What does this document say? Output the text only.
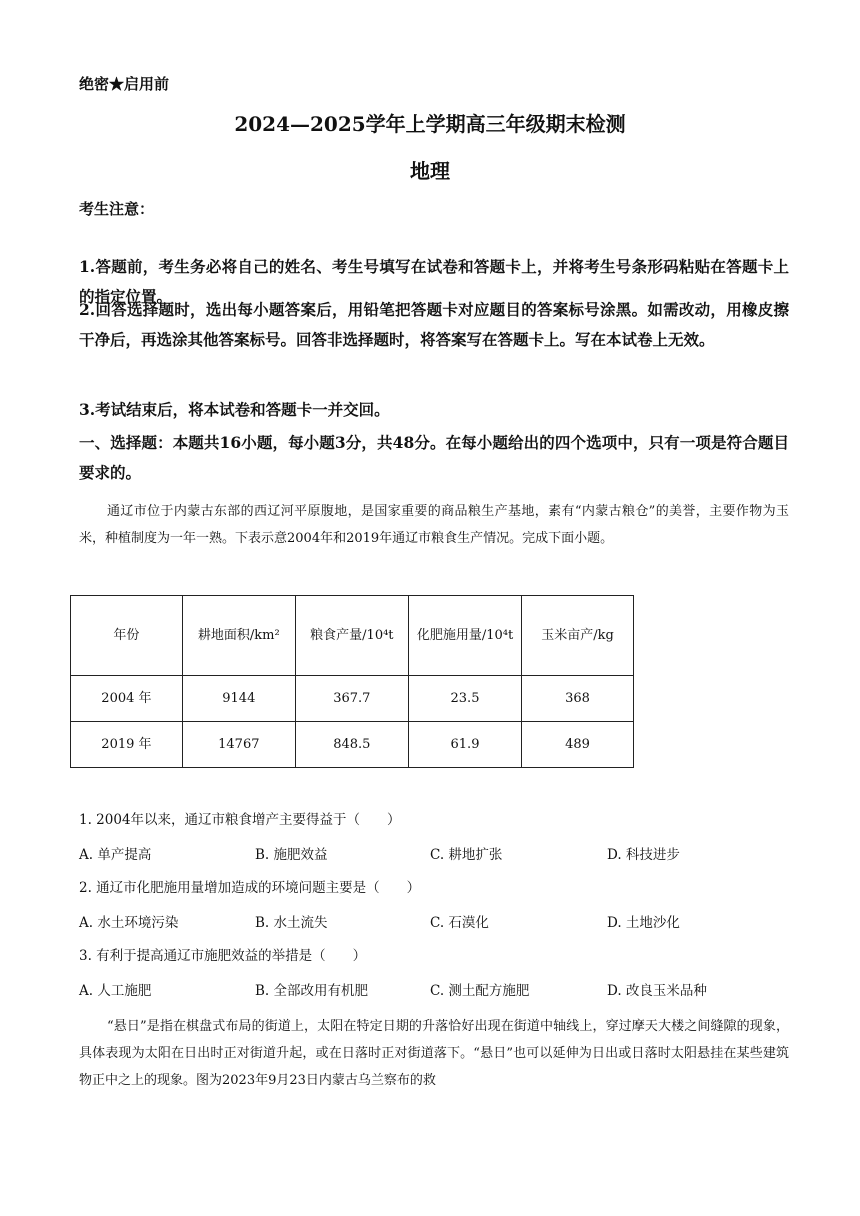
绝密★启用前
2024—2025学年上学期高三年级期末检测
地理
考生注意：
1.答题前，考生务必将自己的姓名、考生号填写在试卷和答题卡上，并将考生号条形码粘贴在答题卡上的指定位置。
2.回答选择题时，选出每小题答案后，用铅笔把答题卡对应题目的答案标号涂黑。如需改动，用橡皮擦干净后，再选涂其他答案标号。回答非选择题时，将答案写在答题卡上。写在本试卷上无效。
3.考试结束后，将本试卷和答题卡一并交回。
一、选择题：本题共16小题，每小题3分，共48分。在每小题给出的四个选项中，只有一项是符合题目要求的。
通辽市位于内蒙古东部的西辽河平原腹地，是国家重要的商品粮生产基地，素有“内蒙古粮仓”的美誉，主要作物为玉米，种植制度为一年一熟。下表示意2004年和2019年通辽市粮食生产情况。完成下面小题。
年份	耕地面积/km²	粮食产量/10⁴t	化肥施用量/10⁴t	玉米亩产/kg
2004 年	9144	367.7	23.5	368
2019 年	14767	848.5	61.9	489
1. 2004年以来，通辽市粮食增产主要得益于（　　）
A. 单产提高	B. 施肥效益	C. 耕地扩张	D. 科技进步
2. 通辽市化肥施用量增加造成的环境问题主要是（　　）
A. 水土环境污染	B. 水土流失	C. 石漠化	D. 土地沙化
3. 有利于提高通辽市施肥效益的举措是（　　）
A. 人工施肥	B. 全部改用有机肥	C. 测土配方施肥	D. 改良玉米品种
“悬日”是指在棋盘式布局的街道上，太阳在特定日期的升落恰好出现在街道中轴线上，穿过摩天大楼之间缝隙的现象，具体表现为太阳在日出时正对街道升起，或在日落时正对街道落下。“悬日”也可以延伸为日出或日落时太阳悬挂在某些建筑物正中之上的现象。图为2023年9月23日内蒙古乌兰察布的救
